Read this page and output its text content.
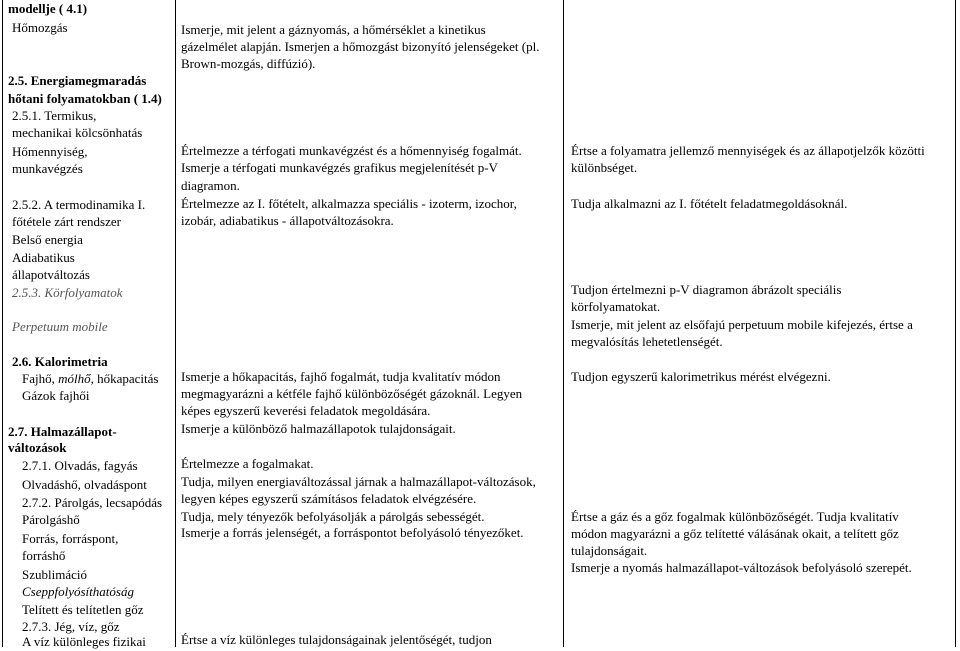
modellje ( 4.1)

Hőmozgás

2.5. Energiamegmaradás

hőtani folyamatokban ( 1.4)

2.5.1. Termikus,

mechanikai kölcsönhatás

Hőmennyiség,

munkavégzés

2.5.2. A termodinamika I.

főtétele zárt rendszer

Belső energia

Adiabatikus

állapotváltozás

2.5.3. Körfolyamatok

Perpetuum mobile

2.6. Kalorimetria

Fajhő, mólhő, hőkapacitás

Gázok fajhői

2.7. Halmazállapot-

változások

2.7.1. Olvadás, fagyás

Olvadáshő, olvadáspont

2.7.2. Párolgás, lecsapódás

Párolgáshő

Forrás, forráspont,

forráshő

Szublimáció

Cseppfolyósíthatóság

Telített és telítetlen gőz

2.7.3. Jég, víz, gőz

A víz különleges fizikai

Ismerje, mit jelent a gáznyomás, a hőmérséklet a kinetikus

gázelmélet alapján. Ismerjen a hőmozgást bizonyító jelenségeket (pl.

Brown-mozgás, diffúzió).

Értelmezze a térfogati munkavégzést és a hőmennyiség fogalmát.

Ismerje a térfogati munkavégzés grafikus megjelenítését p-V

diagramon.

Értelmezze az I. főtételt, alkalmazza speciális - izoterm, izochor,

izobár, adiabatikus - állapotváltozásokra.

Ismerje a hőkapacitás, fajhő fogalmát, tudja kvalitatív módon

megmagyarázni a kétféle fajhő különbözőségét gázoknál. Legyen

képes egyszerű keverési feladatok megoldására.

Ismerje a különböző halmazállapotok tulajdonságait.

Értelmezze a fogalmakat.

Tudja, milyen energiaváltozással járnak a halmazállapot-változások,

legyen képes egyszerű számításos feladatok elvégzésére.

Tudja, mely tényezők befolyásolják a párolgás sebességét.

Ismerje a forrás jelenségét, a forráspontot befolyásoló tényezőket.

Értse a víz különleges tulajdonságainak jelentőségét, tudjon

Értse a folyamatra jellemző mennyiségek és az állapotjelzők közötti

különbséget.

Tudja alkalmazni az I. főtételt feladatmegoldásoknál.

Tudjon értelmezni p-V diagramon ábrázolt speciális

körfolyamatokat.

Ismerje, mit jelent az elsőfajú perpetuum mobile kifejezés, értse a

megvalósítás lehetetlenségét.

Tudjon egyszerű kalorimetrikus mérést elvégezni.

Értse a gáz és a gőz fogalmak különbözőségét. Tudja kvalitatív

módon magyarázni a gőz telítetté válásának okait, a telített gőz

tulajdonságait.

Ismerje a nyomás halmazállapot-változások befolyásoló szerepét.
